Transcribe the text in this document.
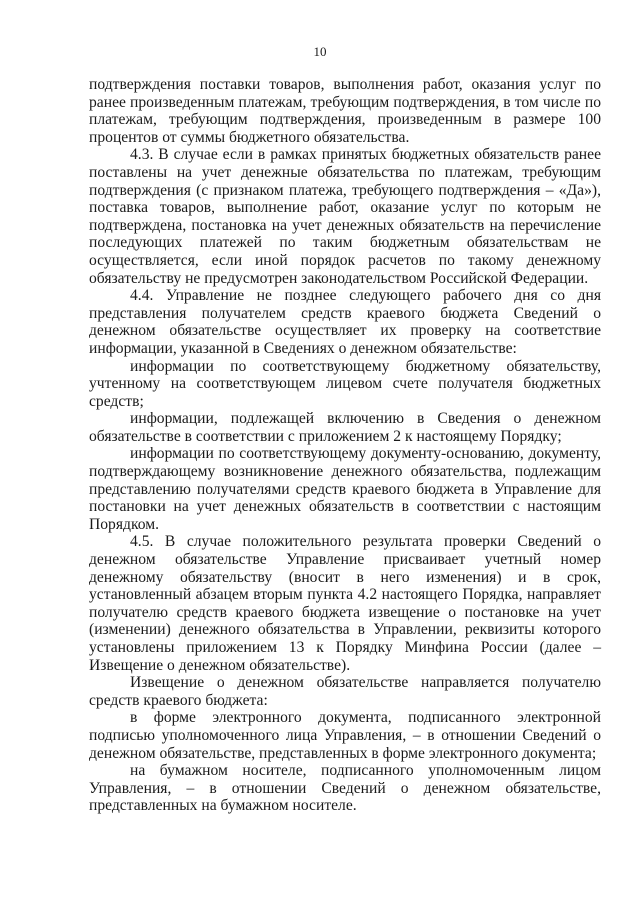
10

подтверждения поставки товаров, выполнения работ, оказания услуг по ранее произведенным платежам, требующим подтверждения, в том числе по платежам, требующим подтверждения, произведенным в размере 100 процентов от суммы бюджетного обязательства.

4.3. В случае если в рамках принятых бюджетных обязательств ранее поставлены на учет денежные обязательства по платежам, требующим подтверждения (с признаком платежа, требующего подтверждения – «Да»), поставка товаров, выполнение работ, оказание услуг по которым не подтверждена, постановка на учет денежных обязательств на перечисление последующих платежей по таким бюджетным обязательствам не осуществляется, если иной порядок расчетов по такому денежному обязательству не предусмотрен законодательством Российской Федерации.

4.4. Управление не позднее следующего рабочего дня со дня представления получателем средств краевого бюджета Сведений о денежном обязательстве осуществляет их проверку на соответствие информации, указанной в Сведениях о денежном обязательстве:

информации по соответствующему бюджетному обязательству, учтенному на соответствующем лицевом счете получателя бюджетных средств;

информации, подлежащей включению в Сведения о денежном обязательстве в соответствии с приложением 2 к настоящему Порядку;

информации по соответствующему документу-основанию, документу, подтверждающему возникновение денежного обязательства, подлежащим представлению получателями средств краевого бюджета в Управление для постановки на учет денежных обязательств в соответствии с настоящим Порядком.

4.5. В случае положительного результата проверки Сведений о денежном обязательстве Управление присваивает учетный номер денежному обязательству (вносит в него изменения) и в срок, установленный абзацем вторым пункта 4.2 настоящего Порядка, направляет получателю средств краевого бюджета извещение о постановке на учет (изменении) денежного обязательства в Управлении, реквизиты которого установлены приложением 13 к Порядку Минфина России (далее – Извещение о денежном обязательстве).

Извещение о денежном обязательстве направляется получателю средств краевого бюджета:

в форме электронного документа, подписанного электронной подписью уполномоченного лица Управления, – в отношении Сведений о денежном обязательстве, представленных в форме электронного документа;

на бумажном носителе, подписанного уполномоченным лицом Управления, – в отношении Сведений о денежном обязательстве, представленных на бумажном носителе.
